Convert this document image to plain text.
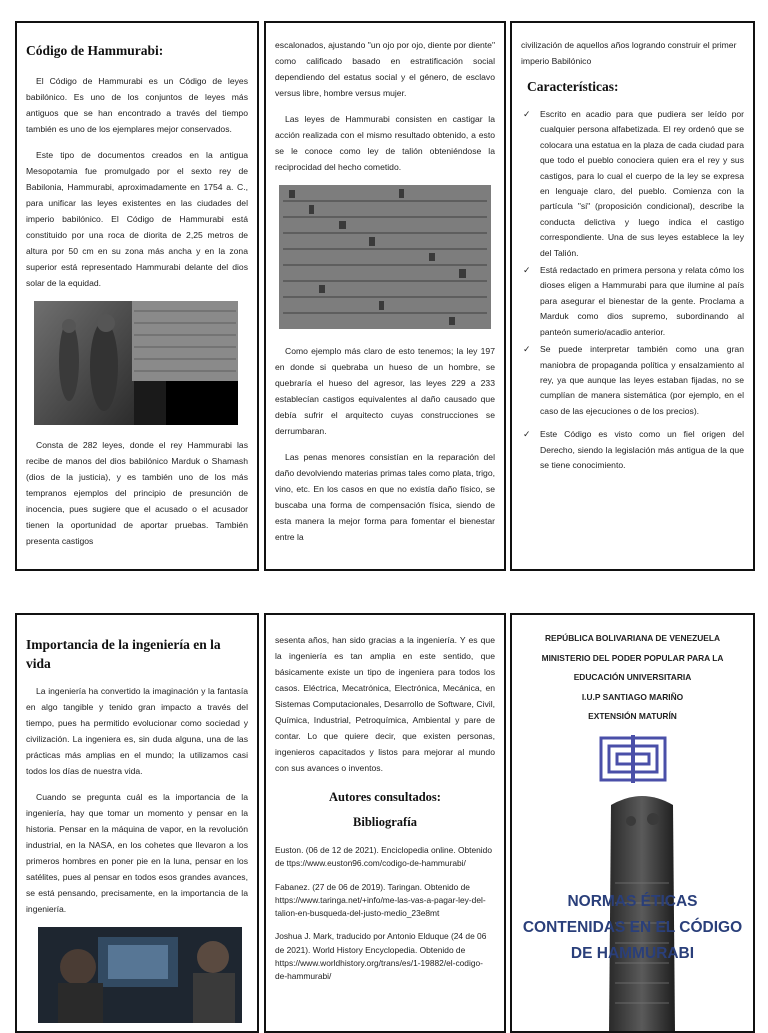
Código de Hammurabi:

El Código de Hammurabi es un Código de leyes babilónico. Es uno de los conjuntos de leyes más antiguos que se han encontrado a través del tiempo también es uno de los ejemplares mejor conservados.

Este tipo de documentos creados en la antigua Mesopotamia fue promulgado por el sexto rey de Babilonia, Hammurabi, aproximadamente en 1754 a. C., para unificar las leyes existentes en las ciudades del imperio babilónico. El Código de Hammurabi está constituido por una roca de diorita de 2,25 metros de altura por 50 cm en su zona más ancha y en la zona superior está representado Hammurabi delante del dios solar de la equidad.

Consta de 282 leyes, donde el rey Hammurabi las recibe de manos del dios babilónico Marduk o Shamash (dios de la justicia), y es también uno de los más tempranos ejemplos del principio de presunción de inocencia, pues sugiere que el acusado o el acusador tienen la oportunidad de aportar pruebas. También presenta castigos

escalonados, ajustando "un ojo por ojo, diente por diente" como calificado basado en estratificación social dependiendo del estatus social y el género, de esclavo versus libre, hombre versus mujer.

Las leyes de Hammurabi consisten en castigar la acción realizada con el mismo resultado obtenido, a esto se le conoce como ley de talión obteniéndose la reciprocidad del hecho cometido.

Como ejemplo más claro de esto tenemos; la ley 197 en donde si quebraba un hueso de un hombre, se quebraría el hueso del agresor, las leyes 229 a 233 establecían castigos equivalentes al daño causado que debía sufrir el arquitecto cuyas construcciones se derrumbaran.

Las penas menores consistían en la reparación del daño devolviendo materias primas tales como plata, trigo, vino, etc. En los casos en que no existía daño físico, se buscaba una forma de compensación física, siendo de esta manera la mejor forma para fomentar el bienestar entre la

civilización de aquellos años logrando construir el primer imperio Babilónico

Características:
✓ Escrito en acadio para que pudiera ser leído por cualquier persona alfabetizada. El rey ordenó que se colocara una estatua en la plaza de cada ciudad para que todo el pueblo conociera quien era el rey y sus castigos, para lo cual el cuerpo de la ley se expresa en lenguaje claro, del pueblo. Comienza con la partícula "si" (proposición condicional), describe la conducta delictiva y luego indica el castigo correspondiente. Una de sus leyes establece la ley del Talión.
✓ Está redactado en primera persona y relata cómo los dioses eligen a Hammurabi para que ilumine al país para asegurar el bienestar de la gente. Proclama a Marduk como dios supremo, subordinando al panteón sumerio/acadio anterior.
✓ Se puede interpretar también como una gran maniobra de propaganda política y ensalzamiento al rey, ya que aunque las leyes estaban fijadas, no se cumplían de manera sistemática (por ejemplo, en el caso de las ejecuciones o de los precios).
✓ Este Código es visto como un fiel origen del Derecho, siendo la legislación más antigua de la que se tiene conocimiento.
Importancia de la ingeniería en la vida

La ingeniería ha convertido la imaginación y la fantasía en algo tangible y tenido gran impacto a través del tiempo, pues ha permitido evolucionar como sociedad y civilización. La ingeniera es, sin duda alguna, una de las prácticas más amplias en el mundo; la utilizamos casi todos los días de nuestra vida.

Cuando se pregunta cuál es la importancia de la ingeniería, hay que tomar un momento y pensar en la historia. Pensar en la máquina de vapor, en la revolución industrial, en la NASA, en los cohetes que llevaron a los primeros hombres en poner pie en la luna, pensar en los satélites, pues al pensar en todos esos grandes avances, se está pensando, precisamente, en la importancia de la ingeniería.

sesenta años, han sido gracias a la ingeniería. Y es que la ingeniería es tan amplia en este sentido, que básicamente existe un tipo de ingeniera para todos los casos. Eléctrica, Mecatrónica, Electrónica, Mecánica, en Sistemas Computacionales, Desarrollo de Software, Civil, Química, Industrial, Petroquímica, Ambiental y pare de contar. Lo que quiere decir, que existen personas, ingenieros capacitados y listos para mejorar al mundo con sus avances o inventos.

Autores consultados:
Bibliografía

Euston. (06 de 12 de 2021). Enciclopedia online. Obtenido de ttps://www.euston96.com/codigo-de-hammurabi/

Fabanez. (27 de 06 de 2019). Taringan. Obtenido de https://www.taringa.net/+info/me-las-vas-a-pagar-ley-del-talion-en-busqueda-del-justo-medio_23e8mt

Joshua J. Mark, traducido por Antonio Elduque (24 de 06 de 2021). World History Encyclopedia. Obtenido de https://www.worldhistory.org/trans/es/1-19882/el-codigo-de-hammurabi/

REPÚBLICA BOLIVARIANA DE VENEZUELA
MINISTERIO DEL PODER POPULAR PARA LA EDUCACIÓN UNIVERSITARIA
I.U.P SANTIAGO MARIÑO
EXTENSIÓN MATURÍN
NORMAS ÉTICAS CONTENIDAS EN EL CÓDIGO DE HAMMURABI
